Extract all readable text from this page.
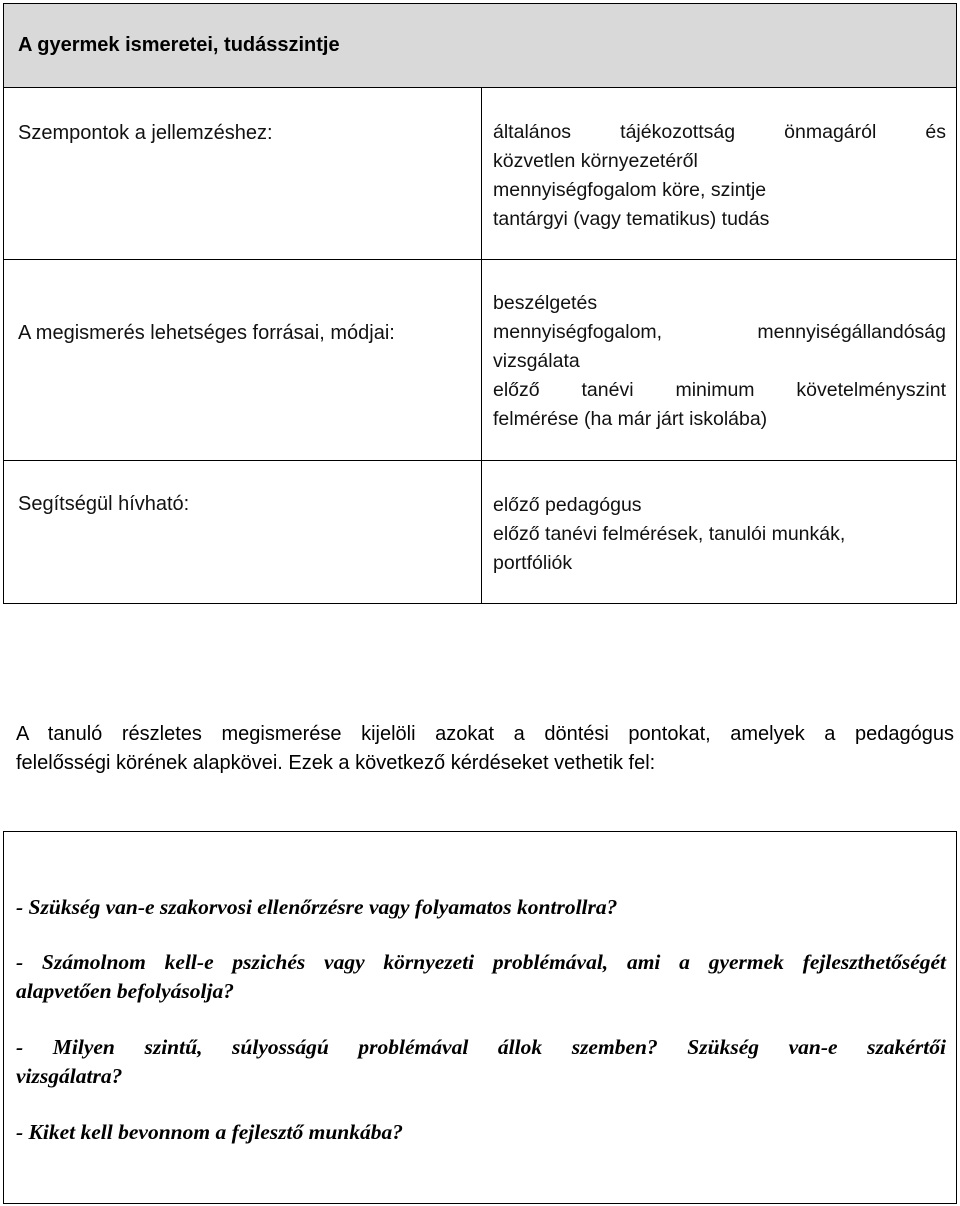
A gyermek ismeretei, tudásszintje
Szempontok a jellemzéshez:	általános tájékozottság önmagáról és
közvetlen környezetéről
mennyiségfogalom köre, szintje
tantárgyi (vagy tematikus) tudás
A megismerés lehetséges forrásai, módjai:
beszélgetés
mennyiségfogalom, mennyiségállandóság
vizsgálata
előző tanévi minimum követelményszint
felmérése (ha már járt iskolába)
Segítségül hívható:	előző pedagógus
előző tanévi felmérések, tanulói munkák,
portfóliók

A tanuló részletes megismerése kijelöli azokat a döntési pontokat, amelyek a pedagógus
felelősségi körének alapkövei. Ezek a következő kérdéseket vethetik fel:

- Szükség van-e szakorvosi ellenőrzésre vagy folyamatos kontrollra?
- Számolnom kell-e pszichés vagy környezeti problémával, ami a gyermek fejleszthetőségét
alapvetően befolyásolja?
- Milyen szintű, súlyosságú problémával állok szemben? Szükség van-e szakértői
vizsgálatra?
- Kiket kell bevonnom a fejlesztő munkába?
